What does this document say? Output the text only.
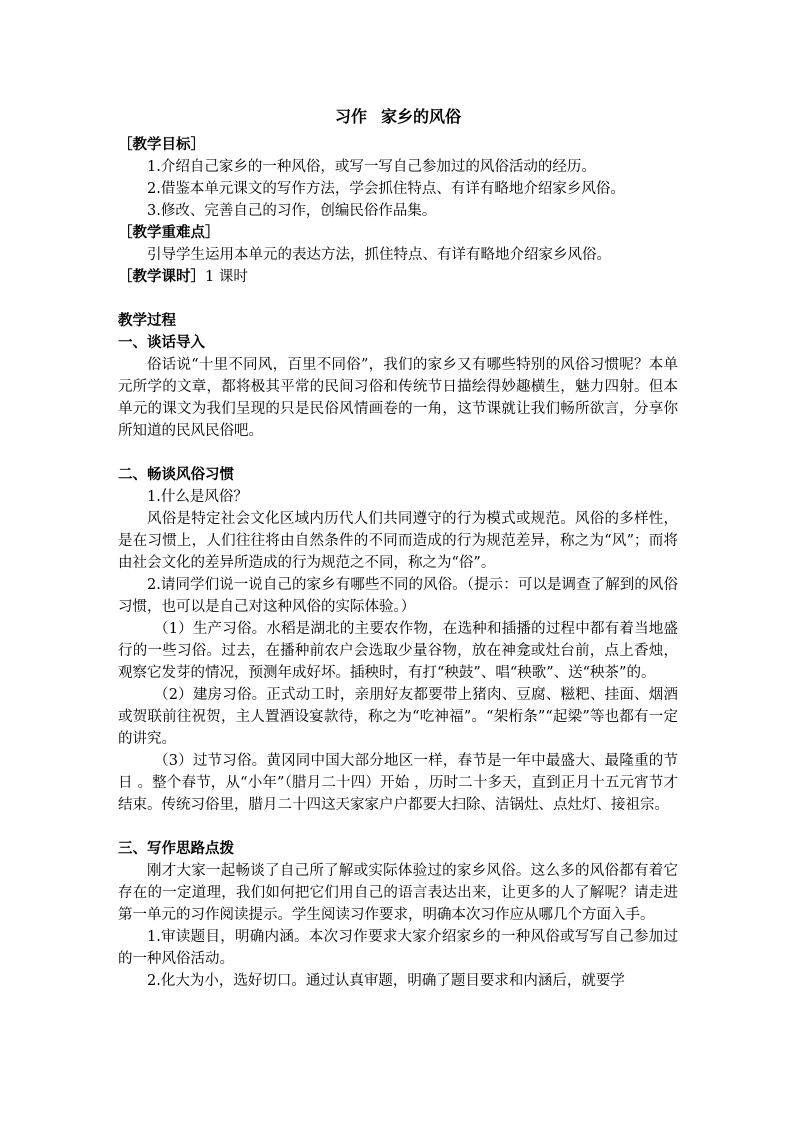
习作 家乡的风俗
［教学目标］
1.介绍自己家乡的一种风俗，或写一写自己参加过的风俗活动的经历。
2.借鉴本单元课文的写作方法，学会抓住特点、有详有略地介绍家乡风俗。
3.修改、完善自己的习作，创编民俗作品集。
［教学重难点］
引导学生运用本单元的表达方法，抓住特点、有详有略地介绍家乡风俗。
［教学课时］1 课时
教学过程
一、谈话导入
俗话说“十里不同风，百里不同俗”，我们的家乡又有哪些特别的风俗习惯呢？本单元所学的文章，都将极其平常的民间习俗和传统节日描绘得妙趣横生，魅力四射。但本单元的课文为我们呈现的只是民俗风情画卷的一角，这节课就让我们畅所欲言，分享你所知道的民风民俗吧。
二、畅谈风俗习惯
1.什么是风俗？
风俗是特定社会文化区域内历代人们共同遵守的行为模式或规范。风俗的多样性，是在习惯上，人们往往将由自然条件的不同而造成的行为规范差异，称之为“风”；而将由社会文化的差异所造成的行为规范之不同，称之为“俗”。
2.请同学们说一说自己的家乡有哪些不同的风俗。（提示：可以是调查了解到的风俗习惯，也可以是自己对这种风俗的实际体验。）
（1）生产习俗。水稻是湖北的主要农作物，在选种和插播的过程中都有着当地盛行的一些习俗。过去，在播种前农户会选取少量谷物，放在神龛或灶台前，点上香烛，观察它发芽的情况，预测年成好坏。插秧时，有打“秧鼓”、唱“秧歌”、送“秧茶”的。
（2）建房习俗。正式动工时，亲朋好友都要带上猪肉、豆腐、糍粑、挂面、烟酒或贺联前往祝贺，主人置酒设宴款待，称之为“吃神福”。“架桁条”“起梁”等也都有一定的讲究。
（3）过节习俗。黄冈同中国大部分地区一样，春节是一年中最盛大、最隆重的节日 。整个春节，从“小年”（腊月二十四）开始 ，历时二十多天，直到正月十五元宵节才结束。传统习俗里，腊月二十四这天家家户户都要大扫除、洁锅灶、点灶灯、接祖宗。
三、写作思路点拨
刚才大家一起畅谈了自己所了解或实际体验过的家乡风俗。这么多的风俗都有着它存在的一定道理，我们如何把它们用自己的语言表达出来，让更多的人了解呢？请走进第一单元的习作阅读提示。学生阅读习作要求，明确本次习作应从哪几个方面入手。
1.审读题目，明确内涵。本次习作要求大家介绍家乡的一种风俗或写写自己参加过的一种风俗活动。
2.化大为小，选好切口。通过认真审题，明确了题目要求和内涵后，就要学
